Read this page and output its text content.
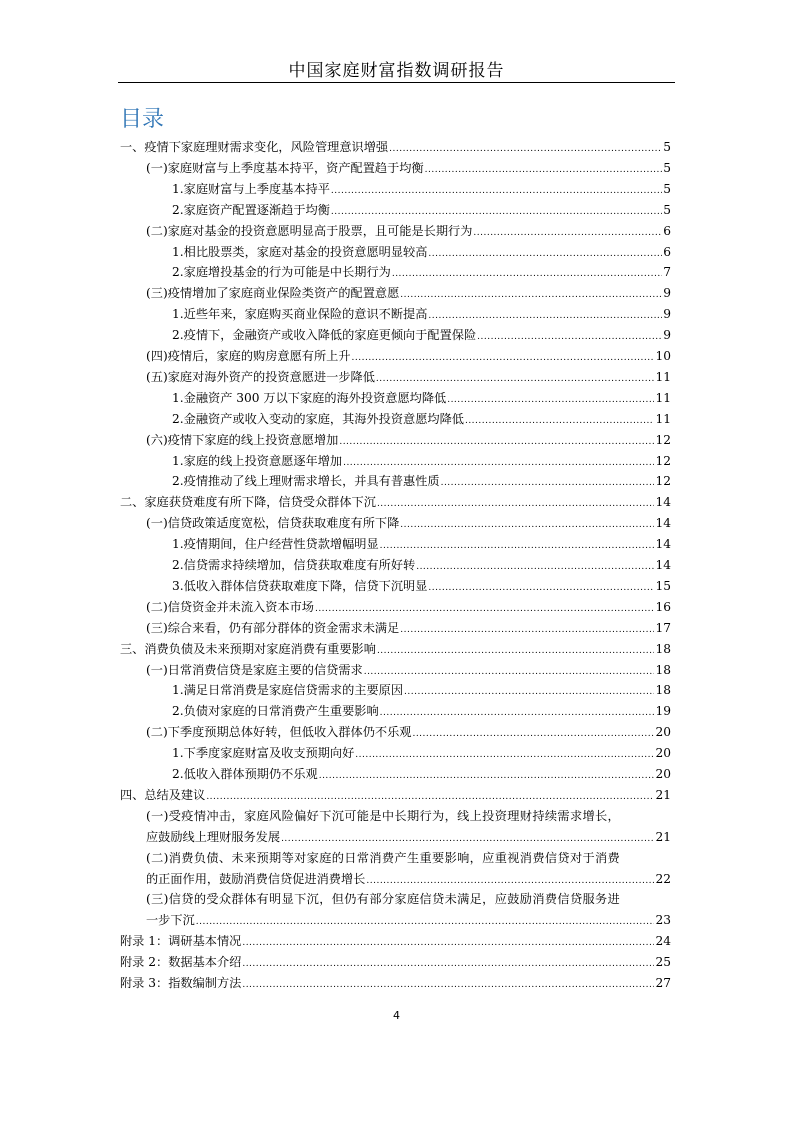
中国家庭财富指数调研报告
目录
一、疫情下家庭理财需求变化，风险管理意识增强 .....	5
(一)家庭财富与上季度基本持平，资产配置趋于均衡 .....	5
1.家庭财富与上季度基本持平 .....	5
2.家庭资产配置逐渐趋于均衡 .....	5
(二)家庭对基金的投资意愿明显高于股票，且可能是长期行为 .....	6
1.相比股票类，家庭对基金的投资意愿明显较高 .....	6
2.家庭增投基金的行为可能是中长期行为 .....	7
(三)疫情增加了家庭商业保险类资产的配置意愿 .....	9
1.近些年来，家庭购买商业保险的意识不断提高 .....	9
2.疫情下，金融资产或收入降低的家庭更倾向于配置保险 .....	9
(四)疫情后，家庭的购房意愿有所上升 .....	10
(五)家庭对海外资产的投资意愿进一步降低 .....	11
1.金融资产 300 万以下家庭的海外投资意愿均降低 .....	11
2.金融资产或收入变动的家庭，其海外投资意愿均降低 .....	11
(六)疫情下家庭的线上投资意愿增加 .....	12
1.家庭的线上投资意愿逐年增加 .....	12
2.疫情推动了线上理财需求增长，并具有普惠性质 .....	12
二、家庭获贷难度有所下降，信贷受众群体下沉 .....	14
(一)信贷政策适度宽松，信贷获取难度有所下降 .....	14
1.疫情期间，住户经营性贷款增幅明显 .....	14
2.信贷需求持续增加，信贷获取难度有所好转 .....	14
3.低收入群体信贷获取难度下降，信贷下沉明显 .....	15
(二)信贷资金并未流入资本市场 .....	16
(三)综合来看，仍有部分群体的资金需求未满足 .....	17
三、消费负债及未来预期对家庭消费有重要影响 .....	18
(一)日常消费信贷是家庭主要的信贷需求 .....	18
1.满足日常消费是家庭信贷需求的主要原因 .....	18
2.负债对家庭的日常消费产生重要影响 .....	19
(二)下季度预期总体好转，但低收入群体仍不乐观 .....	20
1.下季度家庭财富及收支预期向好 .....	20
2.低收入群体预期仍不乐观 .....	20
四、总结及建议 .....	21
(一)受疫情冲击，家庭风险偏好下沉可能是中长期行为，线上投资理财持续需求增长，
应鼓励线上理财服务发展 .....	21
(二)消费负债、未来预期等对家庭的日常消费产生重要影响，应重视消费信贷对于消费
的正面作用，鼓励消费信贷促进消费增长 .....	22
(三)信贷的受众群体有明显下沉，但仍有部分家庭信贷未满足，应鼓励消费信贷服务进
一步下沉 .....	23
附录 1：调研基本情况 .....	24
附录 2：数据基本介绍 .....	25
附录 3：指数编制方法 .....	27
4
